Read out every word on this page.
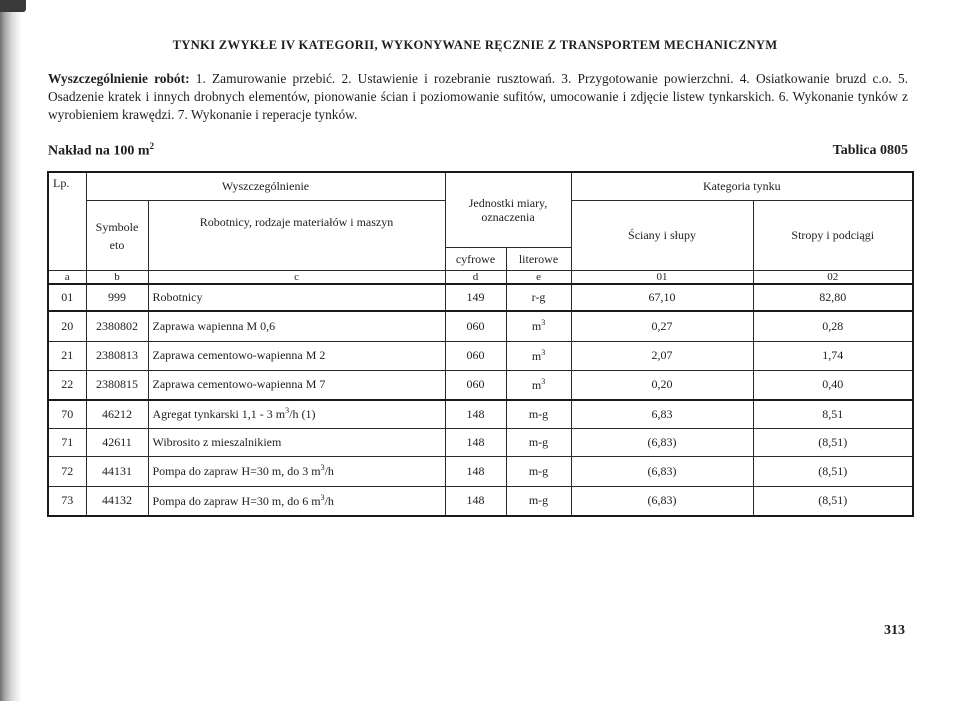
TYNKI ZWYKŁE IV KATEGORII, WYKONYWANE RĘCZNIE Z TRANSPORTEM MECHANICZNYM
Wyszczególnienie robót: 1. Zamurowanie przebić. 2. Ustawienie i rozebranie rusztowań. 3. Przygotowanie powierzchni. 4. Osiatkowanie bruzd c.o. 5. Osadzenie kratek i innych drobnych elementów, pionowanie ścian i poziomowanie sufitów, umocowanie i zdjęcie listew tynkarskich. 6. Wykonanie tynków z wyrobieniem krawędzi. 7. Wykonanie i reperacje tynków.
Nakład na 100 $m^2$	Tablica 0805
Lp.	Wyszczególnienie		Jednostki miary, oznaczenia		Kategoria tynku	
	Symbole eto	Robotnicy, rodzaje materiałów i maszyn			Ściany i słupy	Stropy i podciągi
			cyfrowe	literowe		
a	b	c	d	e	01	02
01	999	Robotnicy	149	r-g	67,10	82,80
20	2380802	Zaprawa wapienna M 0,6	060	$m^3$	0,27	0,28
21	2380813	Zaprawa cementowo-wapienna M 2	060	$m^3$	2,07	1,74
22	2380815	Zaprawa cementowo-wapienna M 7	060	$m^3$	0,20	0,40
70	46212	Agregat tynkarski 1,1 - 3 $m^3/h$ (1)	148	m-g	6,83	8,51
71	42611	Wibrosito z mieszalnikiem	148	m-g	(6,83)	(8,51)
72	44131	Pompa do zapraw H=30 m, do 3 $m^3/h$	148	m-g	(6,83)	(8,51)
73	44132	Pompa do zapraw H=30 m, do 6 $m^3/h$	148	m-g	(6,83)	(8,51)
313
